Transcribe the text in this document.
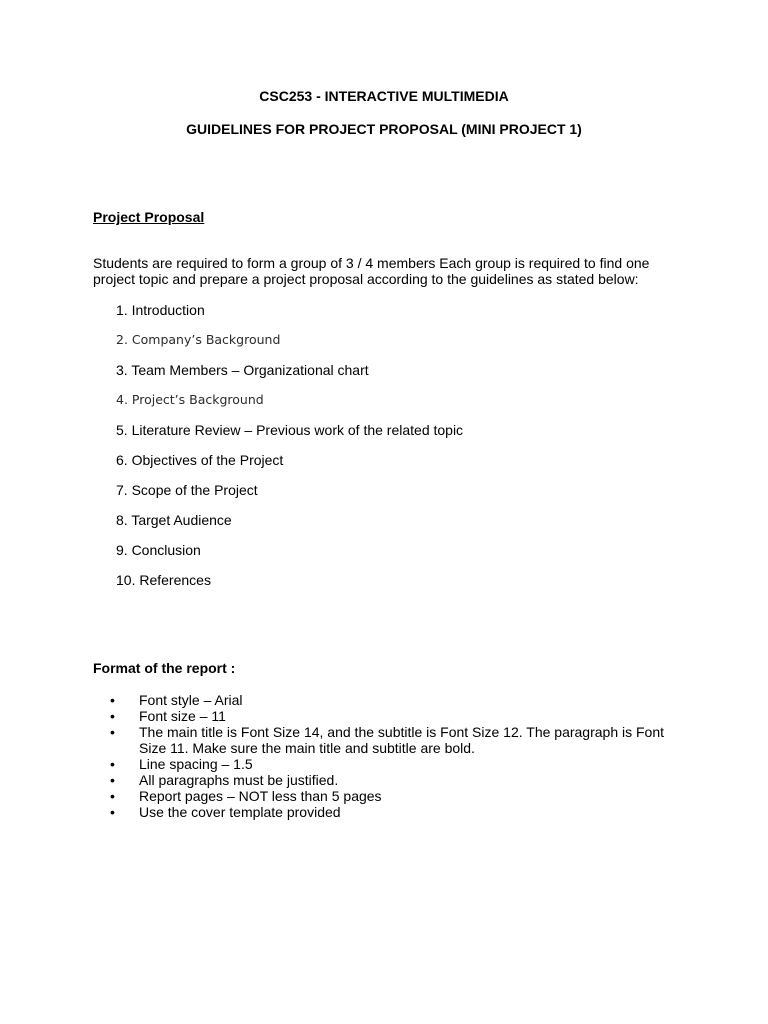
CSC253 - INTERACTIVE MULTIMEDIA
GUIDELINES FOR PROJECT PROPOSAL (MINI PROJECT 1)
Project Proposal

Students are required to form a group of 3 / 4 members Each group is required to find one project topic and prepare a project proposal according to the guidelines as stated below:

1. Introduction
2. Company’s Background
3. Team Members – Organizational chart
4. Project’s Background
5. Literature Review – Previous work of the related topic
6. Objectives of the Project
7. Scope of the Project
8. Target Audience
9. Conclusion
10. References
Format of the report :
• Font style – Arial
• Font size – 11
• The main title is Font Size 14, and the subtitle is Font Size 12. The paragraph is Font Size 11. Make sure the main title and subtitle are bold.
• Line spacing – 1.5
• All paragraphs must be justified.
• Report pages – NOT less than 5 pages
• Use the cover template provided
